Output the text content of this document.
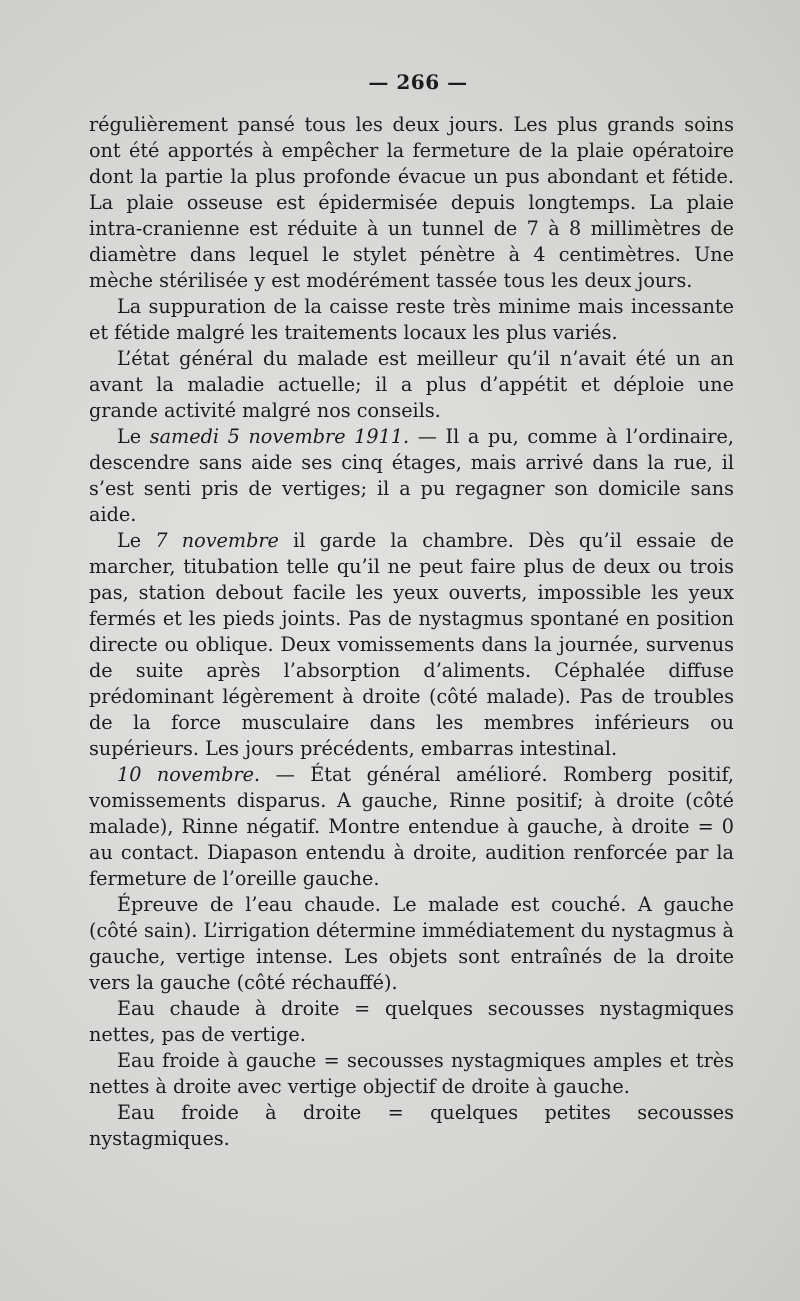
— 266 —

régulièrement pansé tous les deux jours. Les plus grands soins ont été apportés à empêcher la fermeture de la plaie opératoire dont la partie la plus profonde évacue un pus abondant et fétide. La plaie osseuse est épidermisée depuis longtemps. La plaie intra-cranienne est réduite à un tunnel de 7 à 8 millimètres de diamètre dans lequel le stylet pénètre à 4 centimètres. Une mèche stérilisée y est modérément tassée tous les deux jours.

La suppuration de la caisse reste très minime mais incessante et fétide malgré les traitements locaux les plus variés.

L’état général du malade est meilleur qu’il n’avait été un an avant la maladie actuelle; il a plus d’appétit et déploie une grande activité malgré nos conseils.

Le samedi 5 novembre 1911. — Il a pu, comme à l’ordinaire, descendre sans aide ses cinq étages, mais arrivé dans la rue, il s’est senti pris de vertiges; il a pu regagner son domicile sans aide.

Le 7 novembre il garde la chambre. Dès qu’il essaie de marcher, titubation telle qu’il ne peut faire plus de deux ou trois pas, station debout facile les yeux ouverts, impossible les yeux fermés et les pieds joints. Pas de nystagmus spontané en position directe ou oblique. Deux vomissements dans la journée, survenus de suite après l’absorption d’aliments. Céphalée diffuse prédominant légèrement à droite (côté malade). Pas de troubles de la force musculaire dans les membres inférieurs ou supérieurs. Les jours précédents, embarras intestinal.

10 novembre. — État général amélioré. Romberg positif, vomissements disparus. A gauche, Rinne positif; à droite (côté malade), Rinne négatif. Montre entendue à gauche, à droite = 0 au contact. Diapason entendu à droite, audition renforcée par la fermeture de l’oreille gauche.

Épreuve de l’eau chaude. Le malade est couché. A gauche (côté sain). L’irrigation détermine immédiatement du nystagmus à gauche, vertige intense. Les objets sont entraînés de la droite vers la gauche (côté réchauffé).

Eau chaude à droite = quelques secousses nystagmiques nettes, pas de vertige.

Eau froide à gauche = secousses nystagmiques amples et très nettes à droite avec vertige objectif de droite à gauche.

Eau froide à droite = quelques petites secousses nystagmiques.
